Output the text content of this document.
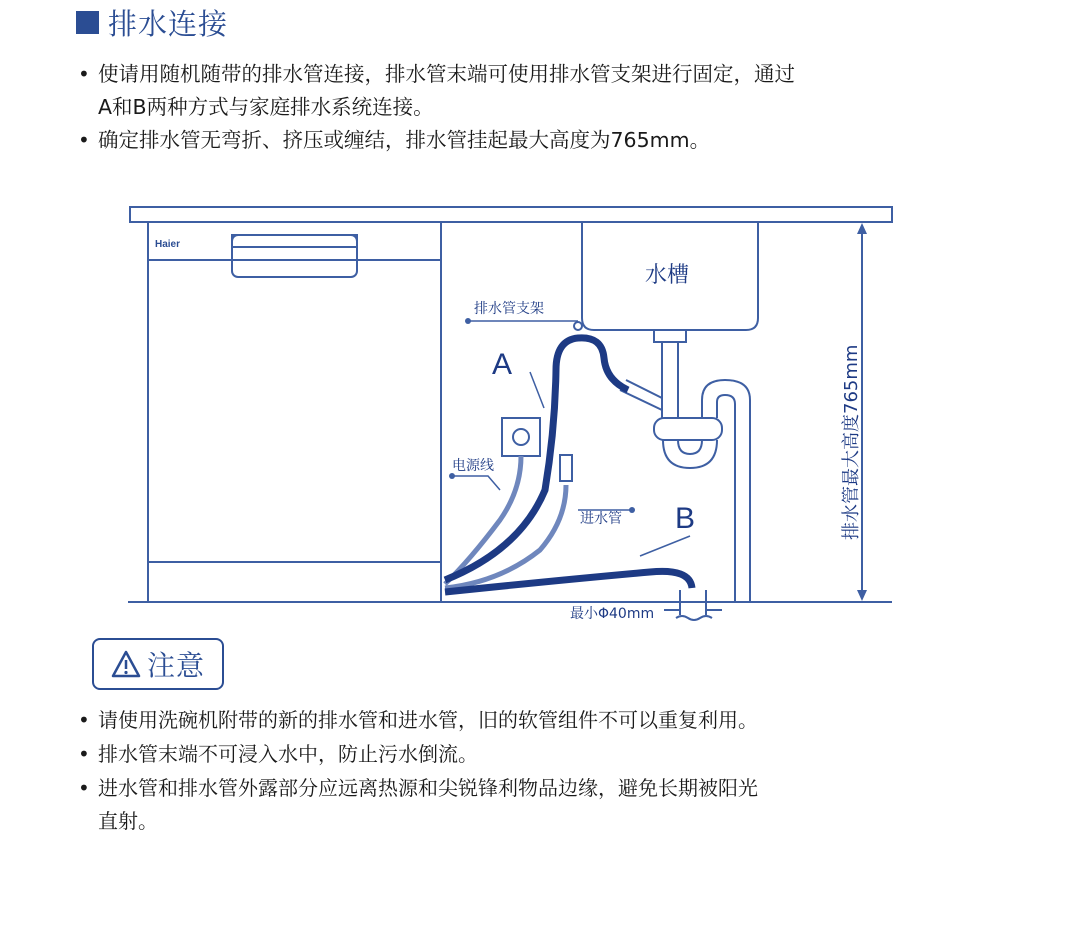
排水连接
• 使请用随机随带的排水管连接，排水管末端可使用排水管支架进行固定，通过
A和B两种方式与家庭排水系统连接。
• 确定排水管无弯折、挤压或缠结，排水管挂起最大高度为765mm。
Haier
水槽
排水管支架
A
B
电源线
进水管
最小Φ40mm
排水管最大高度765mm
注意
• 请使用洗碗机附带的新的排水管和进水管，旧的软管组件不可以重复利用。
• 排水管末端不可浸入水中，防止污水倒流。
• 进水管和排水管外露部分应远离热源和尖锐锋利物品边缘，避免长期被阳光
直射。
